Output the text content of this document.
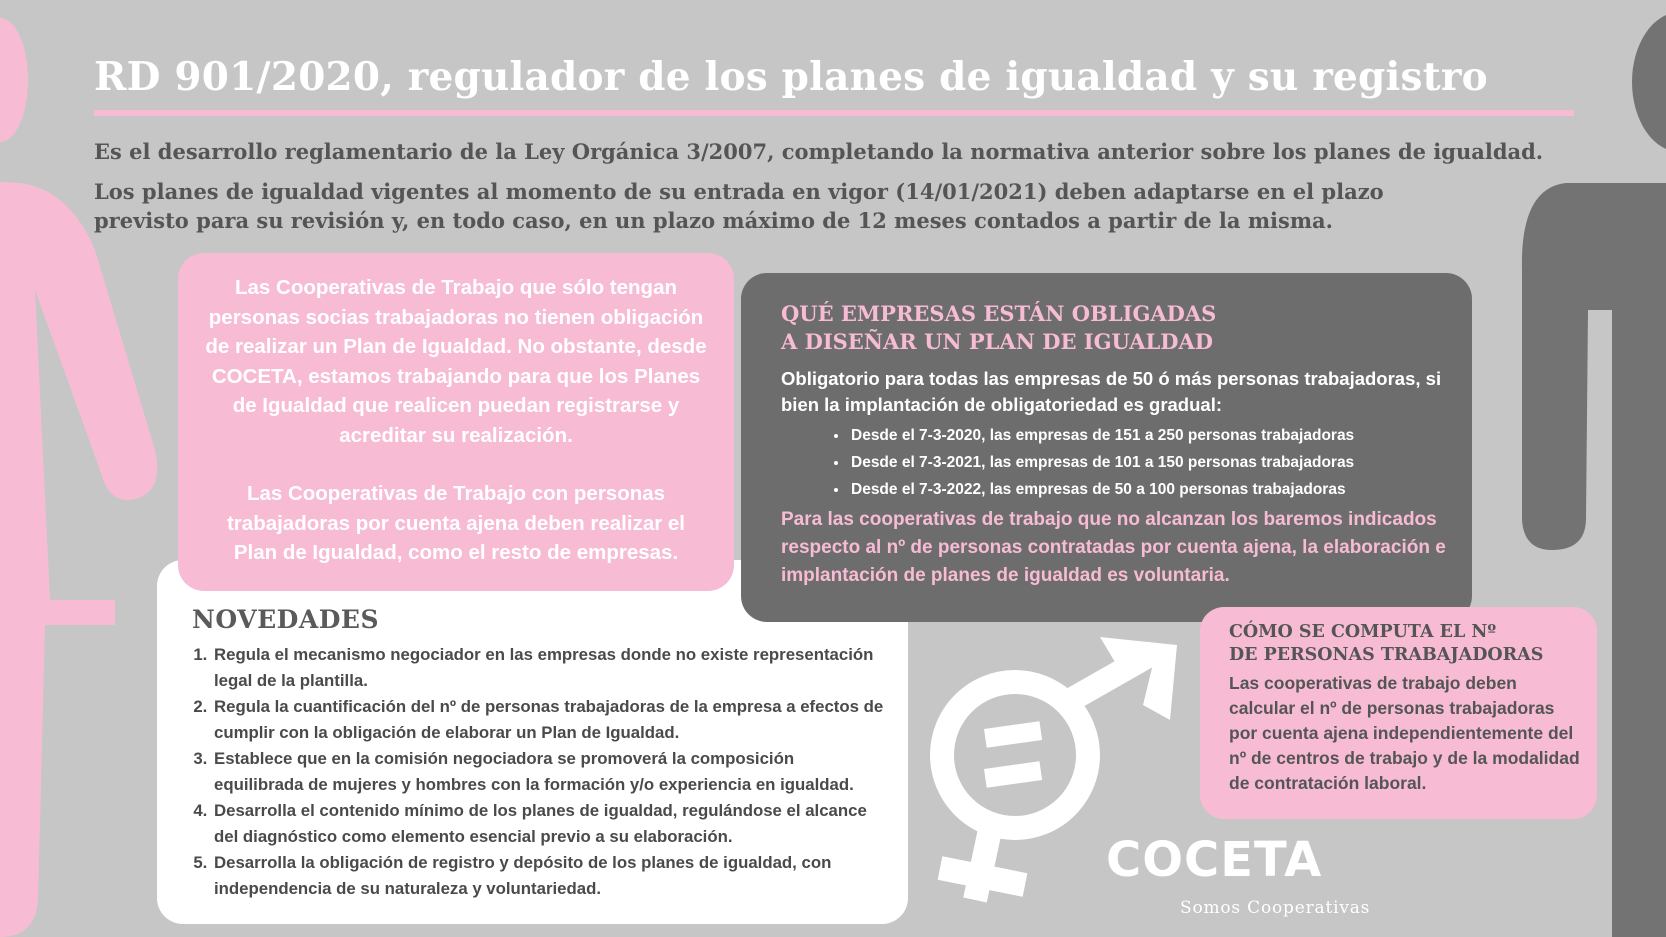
RD 901/2020, regulador de los planes de igualdad y su registro

Es el desarrollo reglamentario de la Ley Orgánica 3/2007, completando la normativa anterior sobre los planes de igualdad.

Los planes de igualdad vigentes al momento de su entrada en vigor (14/01/2021) deben adaptarse en el plazo
previsto para su revisión y, en todo caso, en un plazo máximo de 12 meses contados a partir de la misma.

Las Cooperativas de Trabajo que sólo tengan personas socias trabajadoras no tienen obligación de realizar un Plan de Igualdad. No obstante, desde COCETA, estamos trabajando para que los Planes de Igualdad que realicen puedan registrarse y acreditar su realización.

Las Cooperativas de Trabajo con personas trabajadoras por cuenta ajena deben realizar el Plan de Igualdad, como el resto de empresas.

QUÉ EMPRESAS ESTÁN OBLIGADAS
A DISEÑAR UN PLAN DE IGUALDAD

Obligatorio para todas las empresas de 50 ó más personas trabajadoras, si bien la implantación de obligatoriedad es gradual:

• Desde el 7-3-2020, las empresas de 151 a 250 personas trabajadoras
• Desde el 7-3-2021, las empresas de 101 a 150 personas trabajadoras
• Desde el 7-3-2022, las empresas de 50 a 100 personas trabajadoras

Para las cooperativas de trabajo que no alcanzan los baremos indicados respecto al nº de personas contratadas por cuenta ajena, la elaboración e implantación de planes de igualdad es voluntaria.

NOVEDADES
1. Regula el mecanismo negociador en las empresas donde no existe representación legal de la plantilla.
2. Regula la cuantificación del nº de personas trabajadoras de la empresa a efectos de cumplir con la obligación de elaborar un Plan de Igualdad.
3. Establece que en la comisión negociadora se promoverá la composición equilibrada de mujeres y hombres con la formación y/o experiencia en igualdad.
4. Desarrolla el contenido mínimo de los planes de igualdad, regulándose el alcance del diagnóstico como elemento esencial previo a su elaboración.
5. Desarrolla la obligación de registro y depósito de los planes de igualdad, con independencia de su naturaleza y voluntariedad.
CÓMO SE COMPUTA EL Nº
DE PERSONAS TRABAJADORAS

Las cooperativas de trabajo deben calcular el nº de personas trabajadoras por cuenta ajena independientemente del nº de centros de trabajo y de la modalidad de contratación laboral.

COCETA
Somos Cooperativas
